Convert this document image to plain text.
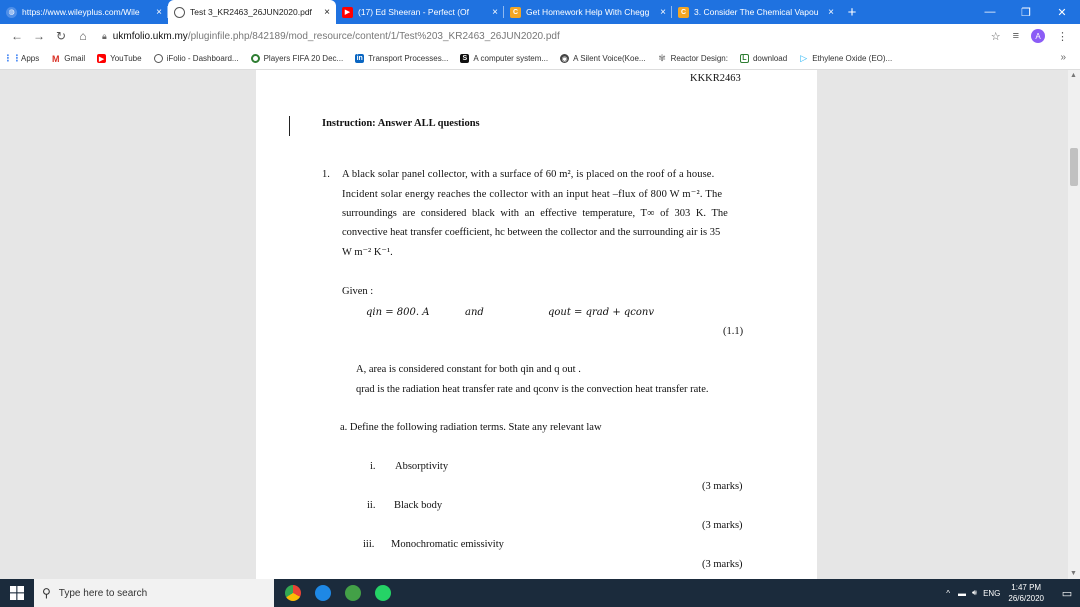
◍ https://www.wileyplus.com/Wile	×	Test 3_KR2463_26JUN2020.pdf	×	▶ (17) Ed Sheeran - Perfect (Of	×	C Get Homework Help With Chegg	×	C 3. Consider The Chemical Vapou × +	—	❐	✕
← → ↻	⌂	🔒︎ ukmfolio.ukm.my /pluginfile.php/842189/mod_resource/content/1/Test%203_KR2463_26JUN2020.pdf	☆ ≡	A	⋮
⋮⋮ Apps M Gmail ▶ YouTube	iFolio - Dashboard...	Players FIFA 20 Dec... in Transport Processes...	S A computer system... ◉ A Silent Voice(Koe... ✾ Reactor Design:	L download ▷ Ethylene Oxide (EO)...	»
KKKR2463
Instruction: Answer ALL questions
1. A black solar panel collector, with a surface of 60 m², is placed on the roof of a house.
Incident solar energy reaches the collector with an input heat –flux of 800 W m⁻². The
surroundings are considered black with an effective temperature, T∞ of 303 K. The
convective heat transfer coefficient, hc between the collector and the surrounding air is 35
W m⁻² K⁻¹.
Given :
qin = 800. A	and	qout = qrad + qconv
(1.1)
A, area is considered constant for both qin and q out .
qrad is the radiation heat transfer rate and qconv is the convection heat transfer rate.
a. Define the following radiation terms. State any relevant law
i. Absorptivity
(3 marks)
ii. Black body
(3 marks)
iii. Monochromatic emissivity
(3 marks)
▲
▼
⚲ Type here to search	^ ▬ 🔊︎ ENG
1:47 PM
26/6/2020	▭
